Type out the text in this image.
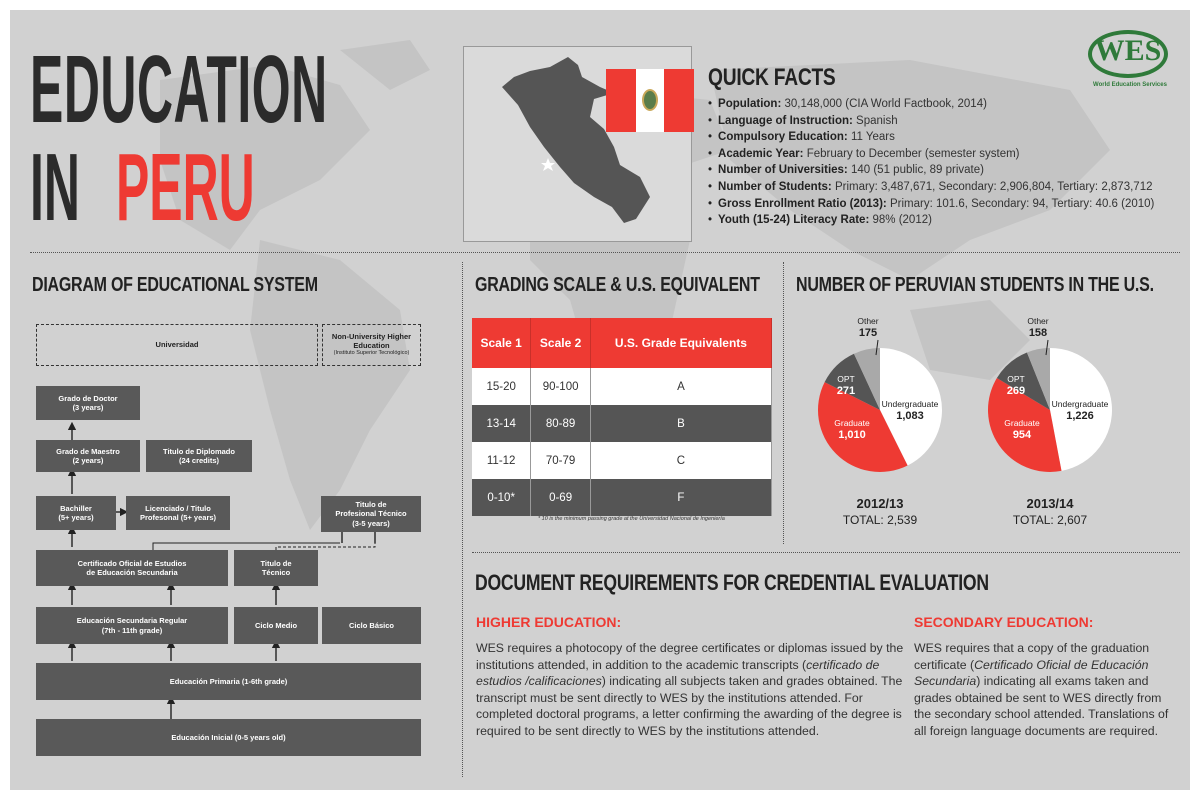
EDUCATION
IN PERU
QUICK FACTS
• Population: 30,148,000 (CIA World Factbook, 2014)
• Language of Instruction: Spanish
• Compulsory Education: 11 Years
• Academic Year: February to December (semester system)
• Number of Universities: 140 (51 public, 89 private)
• Number of Students: Primary: 3,487,671, Secondary: 2,906,804, Tertiary: 2,873,712
• Gross Enrollment Ratio (2013): Primary: 101.6, Secondary: 94, Tertiary: 40.6 (2010)
• Youth (15-24) Literacy Rate: 98% (2012)
WES
World Education Services
DIAGRAM OF EDUCATIONAL SYSTEM
Universidad
Non-University Higher Education
(Instituto Superior Tecnológico)
Grado de Doctor
(3 years)
Grado de Maestro
(2 years)
Titulo de Diplomado
(24 credits)
Bachiller
(5+ years)
Licenciado / Titulo
Profesonal (5+ years)
Titulo de
Profesional Técnico
(3-5 years)
Certificado Oficial de Estudios
de Educación Secundaria
Titulo de
Técnico
Educación Secundaria Regular
(7th - 11th grade)
Ciclo Medio	Ciclo Básico
Educación Primaria (1-6th grade)
Educación Inicial (0-5 years old)
GRADING SCALE & U.S. EQUIVALENT
Scale 1	Scale 2	U.S. Grade Equivalents
15-20	90-100	A
13-14	80-89	B
11-12	70-79	C
0-10*	0-69	F
* 10 is the minimum passing grade at the Universidad Nacional de Ingeniería
NUMBER OF PERUVIAN STUDENTS IN THE U.S.
Undergraduate
1,083
Graduate
1,010
OPT
271
Other
175
2012/13
TOTAL: 2,539
Undergraduate
1,226
Graduate
954
OPT
269
Other
158
2013/14
TOTAL: 2,607
DOCUMENT REQUIREMENTS FOR CREDENTIAL EVALUATION
HIGHER EDUCATION:
WES requires a photocopy of the degree certificates or diplomas issued by the institutions attended, in addition to the academic transcripts (certificado de estudios /calificaciones) indicating all subjects taken and grades obtained. The transcript must be sent directly to WES by the institutions attended. For completed doctoral programs, a letter confirming the awarding of the degree is required to be sent directly to WES by the institutions attended.
SECONDARY EDUCATION:
WES requires that a copy of the graduation certificate (Certificado Oficial de Educación Secundaria) indicating all exams taken and grades obtained be sent to WES directly from the secondary school attended. Translations of all foreign language documents are required.
